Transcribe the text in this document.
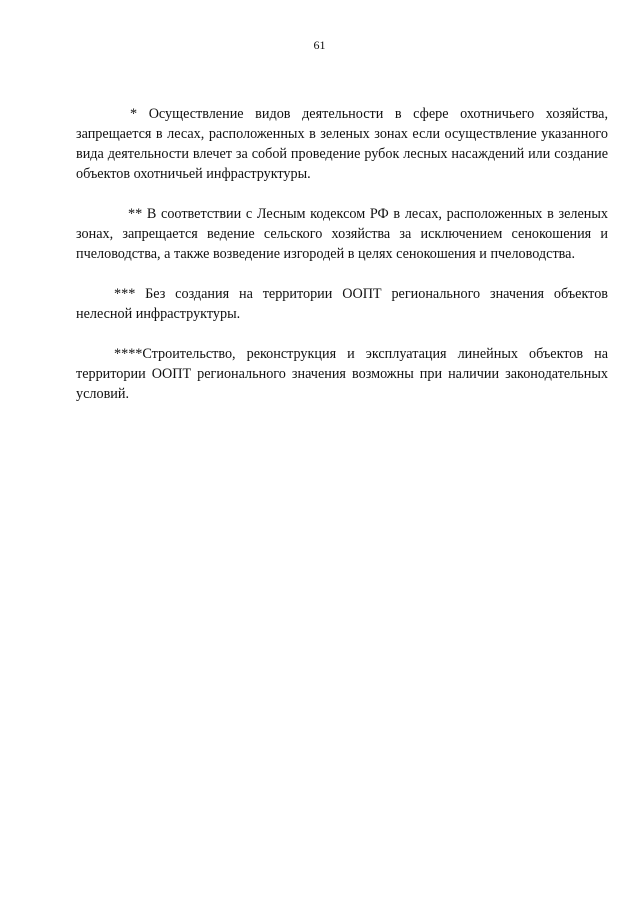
61

* Осуществление видов деятельности в сфере охотничьего хозяйства, запрещается в лесах, расположенных в зеленых зонах если осуществление указанного вида деятельности влечет за собой проведение рубок лесных насаждений или создание объектов охотничьей инфраструктуры.

** В соответствии с Лесным кодексом РФ в лесах, расположенных в зеленых зонах, запрещается ведение сельского хозяйства за исключением сенокошения и пчеловодства, а также возведение изгородей в целях сенокошения и пчеловодства.

*** Без создания на территории ООПТ регионального значения объектов нелесной инфраструктуры.

****Строительство, реконструкция и эксплуатация линейных объектов на территории ООПТ регионального значения возможны при наличии законодательных условий.
